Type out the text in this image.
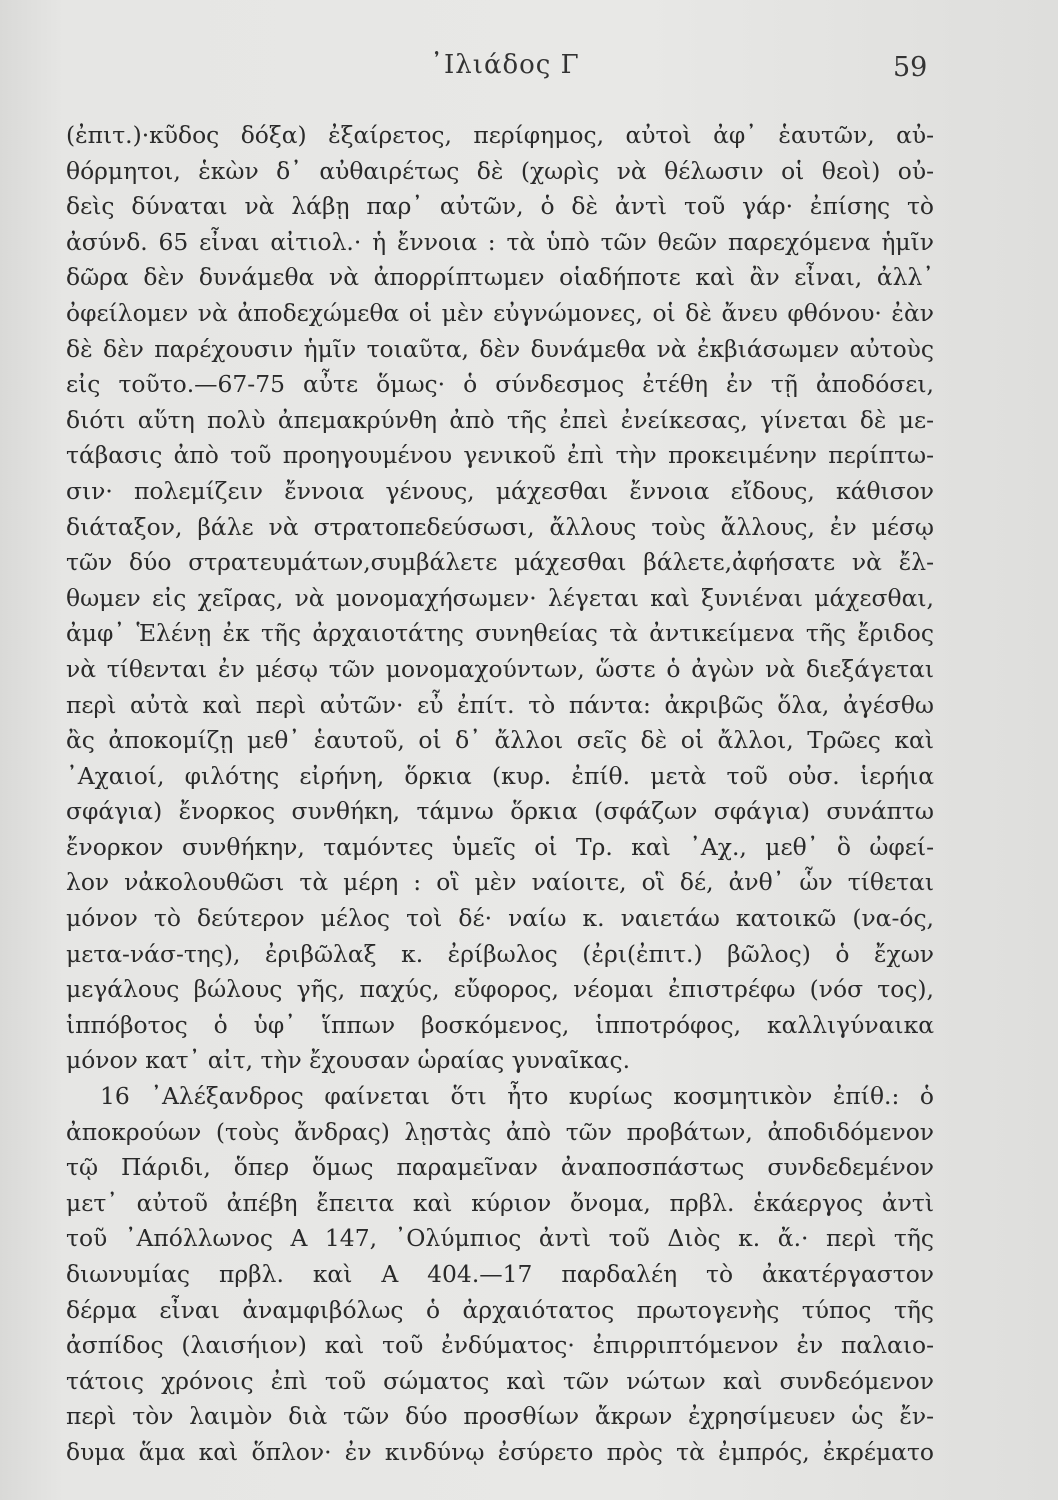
᾿Ιλιάδος Γ	59
(ἐπιτ.)·κῦδος δόξα) ἐξαίρετος, περίφημος, αὐτοὶ ἀφ᾽ ἑαυτῶν, αὐ-
θόρμητοι, ἑκὼν δ᾽ αὐθαιρέτως δὲ (χωρὶς νὰ θέλωσιν οἱ θεοὶ) οὐ-
δεὶς δύναται νὰ λάβῃ παρ᾽ αὐτῶν, ὁ δὲ ἀντὶ τοῦ γάρ· ἐπίσης τὸ
ἀσύνδ. 65 εἶναι αἰτιολ.· ἡ ἔννοια : τὰ ὑπὸ τῶν θεῶν παρεχόμενα ἡμῖν
δῶρα δὲν δυνάμεθα νὰ ἀπορρίπτωμεν οἱαδήποτε καὶ ἂν εἶναι, ἀλλ᾽
ὀφείλομεν νὰ ἀποδεχώμεθα οἱ μὲν εὐγνώμονες, οἱ δὲ ἄνευ φθόνου· ἐὰν
δὲ δὲν παρέχουσιν ἡμῖν τοιαῦτα, δὲν δυνάμεθα νὰ ἐκβιάσωμεν αὐτοὺς
εἰς τοῦτο.—67-75 αὖτε ὅμως· ὁ σύνδεσμος ἐτέθη ἐν τῇ ἀποδόσει,
διότι αὕτη πολὺ ἀπεμακρύνθη ἀπὸ τῆς ἐπεὶ ἐνείκεσας, γίνεται δὲ με-
τάβασις ἀπὸ τοῦ προηγουμένου γενικοῦ ἐπὶ τὴν προκειμένην περίπτω-
σιν· πολεμίζειν ἔννοια γένους, μάχεσθαι ἔννοια εἴδους, κάθισον
διάταξον, βάλε νὰ στρατοπεδεύσωσι, ἄλλους τοὺς ἄλλους, ἐν μέσῳ
τῶν δύο στρατευμάτων,συμβάλετε μάχεσθαι βάλετε,ἀφήσατε νὰ ἔλ-
θωμεν εἰς χεῖρας, νὰ μονομαχήσωμεν· λέγεται καὶ ξυνιέναι μάχεσθαι,
ἀμφ᾽ Ἑλένῃ ἐκ τῆς ἀρχαιοτάτης συνηθείας τὰ ἀντικείμενα τῆς ἔριδος
νὰ τίθενται ἐν μέσῳ τῶν μονομαχούντων, ὥστε ὁ ἀγὼν νὰ διεξάγεται
περὶ αὐτὰ καὶ περὶ αὐτῶν· εὖ ἐπίτ. τὸ πάντα: ἀκριβῶς ὅλα, ἀγέσθω
ἂς ἀποκομίζῃ μεθ᾽ ἑαυτοῦ, οἱ δ᾽ ἄλλοι σεῖς δὲ οἱ ἄλλοι, Τρῶες καὶ
᾿Αχαιοί, φιλότης εἰρήνη, ὅρκια (κυρ. ἐπίθ. μετὰ τοῦ οὐσ. ἱερήια
σφάγια) ἔνορκος συνθήκη, τάμνω ὅρκια (σφάζων σφάγια) συνάπτω
ἔνορκον συνθήκην, ταμόντες ὑμεῖς οἱ Τρ. καὶ ᾿Αχ., μεθ᾽ ὃ ὠφεί-
λον νἀκολουθῶσι τὰ μέρη : οἳ μὲν ναίοιτε, οἳ δέ, ἀνθ᾽ ὧν τίθεται
μόνον τὸ δεύτερον μέλος τοὶ δέ· ναίω κ. ναιετάω κατοικῶ (να-ός,
μετα-νάσ-της), ἐριβῶλαξ κ. ἐρίβωλος (ἐρι(ἐπιτ.) βῶλος) ὁ ἔχων
μεγάλους βώλους γῆς, παχύς, εὔφορος, νέομαι ἐπιστρέφω (νόσ τος),
ἱππόβοτος ὁ ὑφ᾽ ἵππων βοσκόμενος, ἱπποτρόφος, καλλιγύναικα
μόνον κατ᾽ αἰτ, τὴν ἔχουσαν ὡραίας γυναῖκας.
16 ᾿Αλέξανδρος φαίνεται ὅτι ἦτο κυρίως κοσμητικὸν ἐπίθ.: ὁ
ἀποκρούων (τοὺς ἄνδρας) λῃστὰς ἀπὸ τῶν προβάτων, ἀποδιδόμενον
τῷ Πάριδι, ὅπερ ὅμως παραμεῖναν ἀναποσπάστως συνδεδεμένον
μετ᾽ αὐτοῦ ἀπέβη ἔπειτα καὶ κύριον ὄνομα, πρβλ. ἑκάεργος ἀντὶ
τοῦ ᾿Απόλλωνος Α 147, ᾿Ολύμπιος ἀντὶ τοῦ Διὸς κ. ἄ.· περὶ τῆς
διωνυμίας πρβλ. καὶ Α 404.—17 παρδαλέη τὸ ἀκατέργαστον
δέρμα εἶναι ἀναμφιβόλως ὁ ἀρχαιότατος πρωτογενὴς τύπος τῆς
ἀσπίδος (λαισήιον) καὶ τοῦ ἐνδύματος· ἐπιρριπτόμενον ἐν παλαιο-
τάτοις χρόνοις ἐπὶ τοῦ σώματος καὶ τῶν νώτων καὶ συνδεόμενον
περὶ τὸν λαιμὸν διὰ τῶν δύο προσθίων ἄκρων ἐχρησίμευεν ὡς ἔν-
δυμα ἅμα καὶ ὅπλον· ἐν κινδύνῳ ἐσύρετο πρὸς τὰ ἐμπρός, ἐκρέματο
